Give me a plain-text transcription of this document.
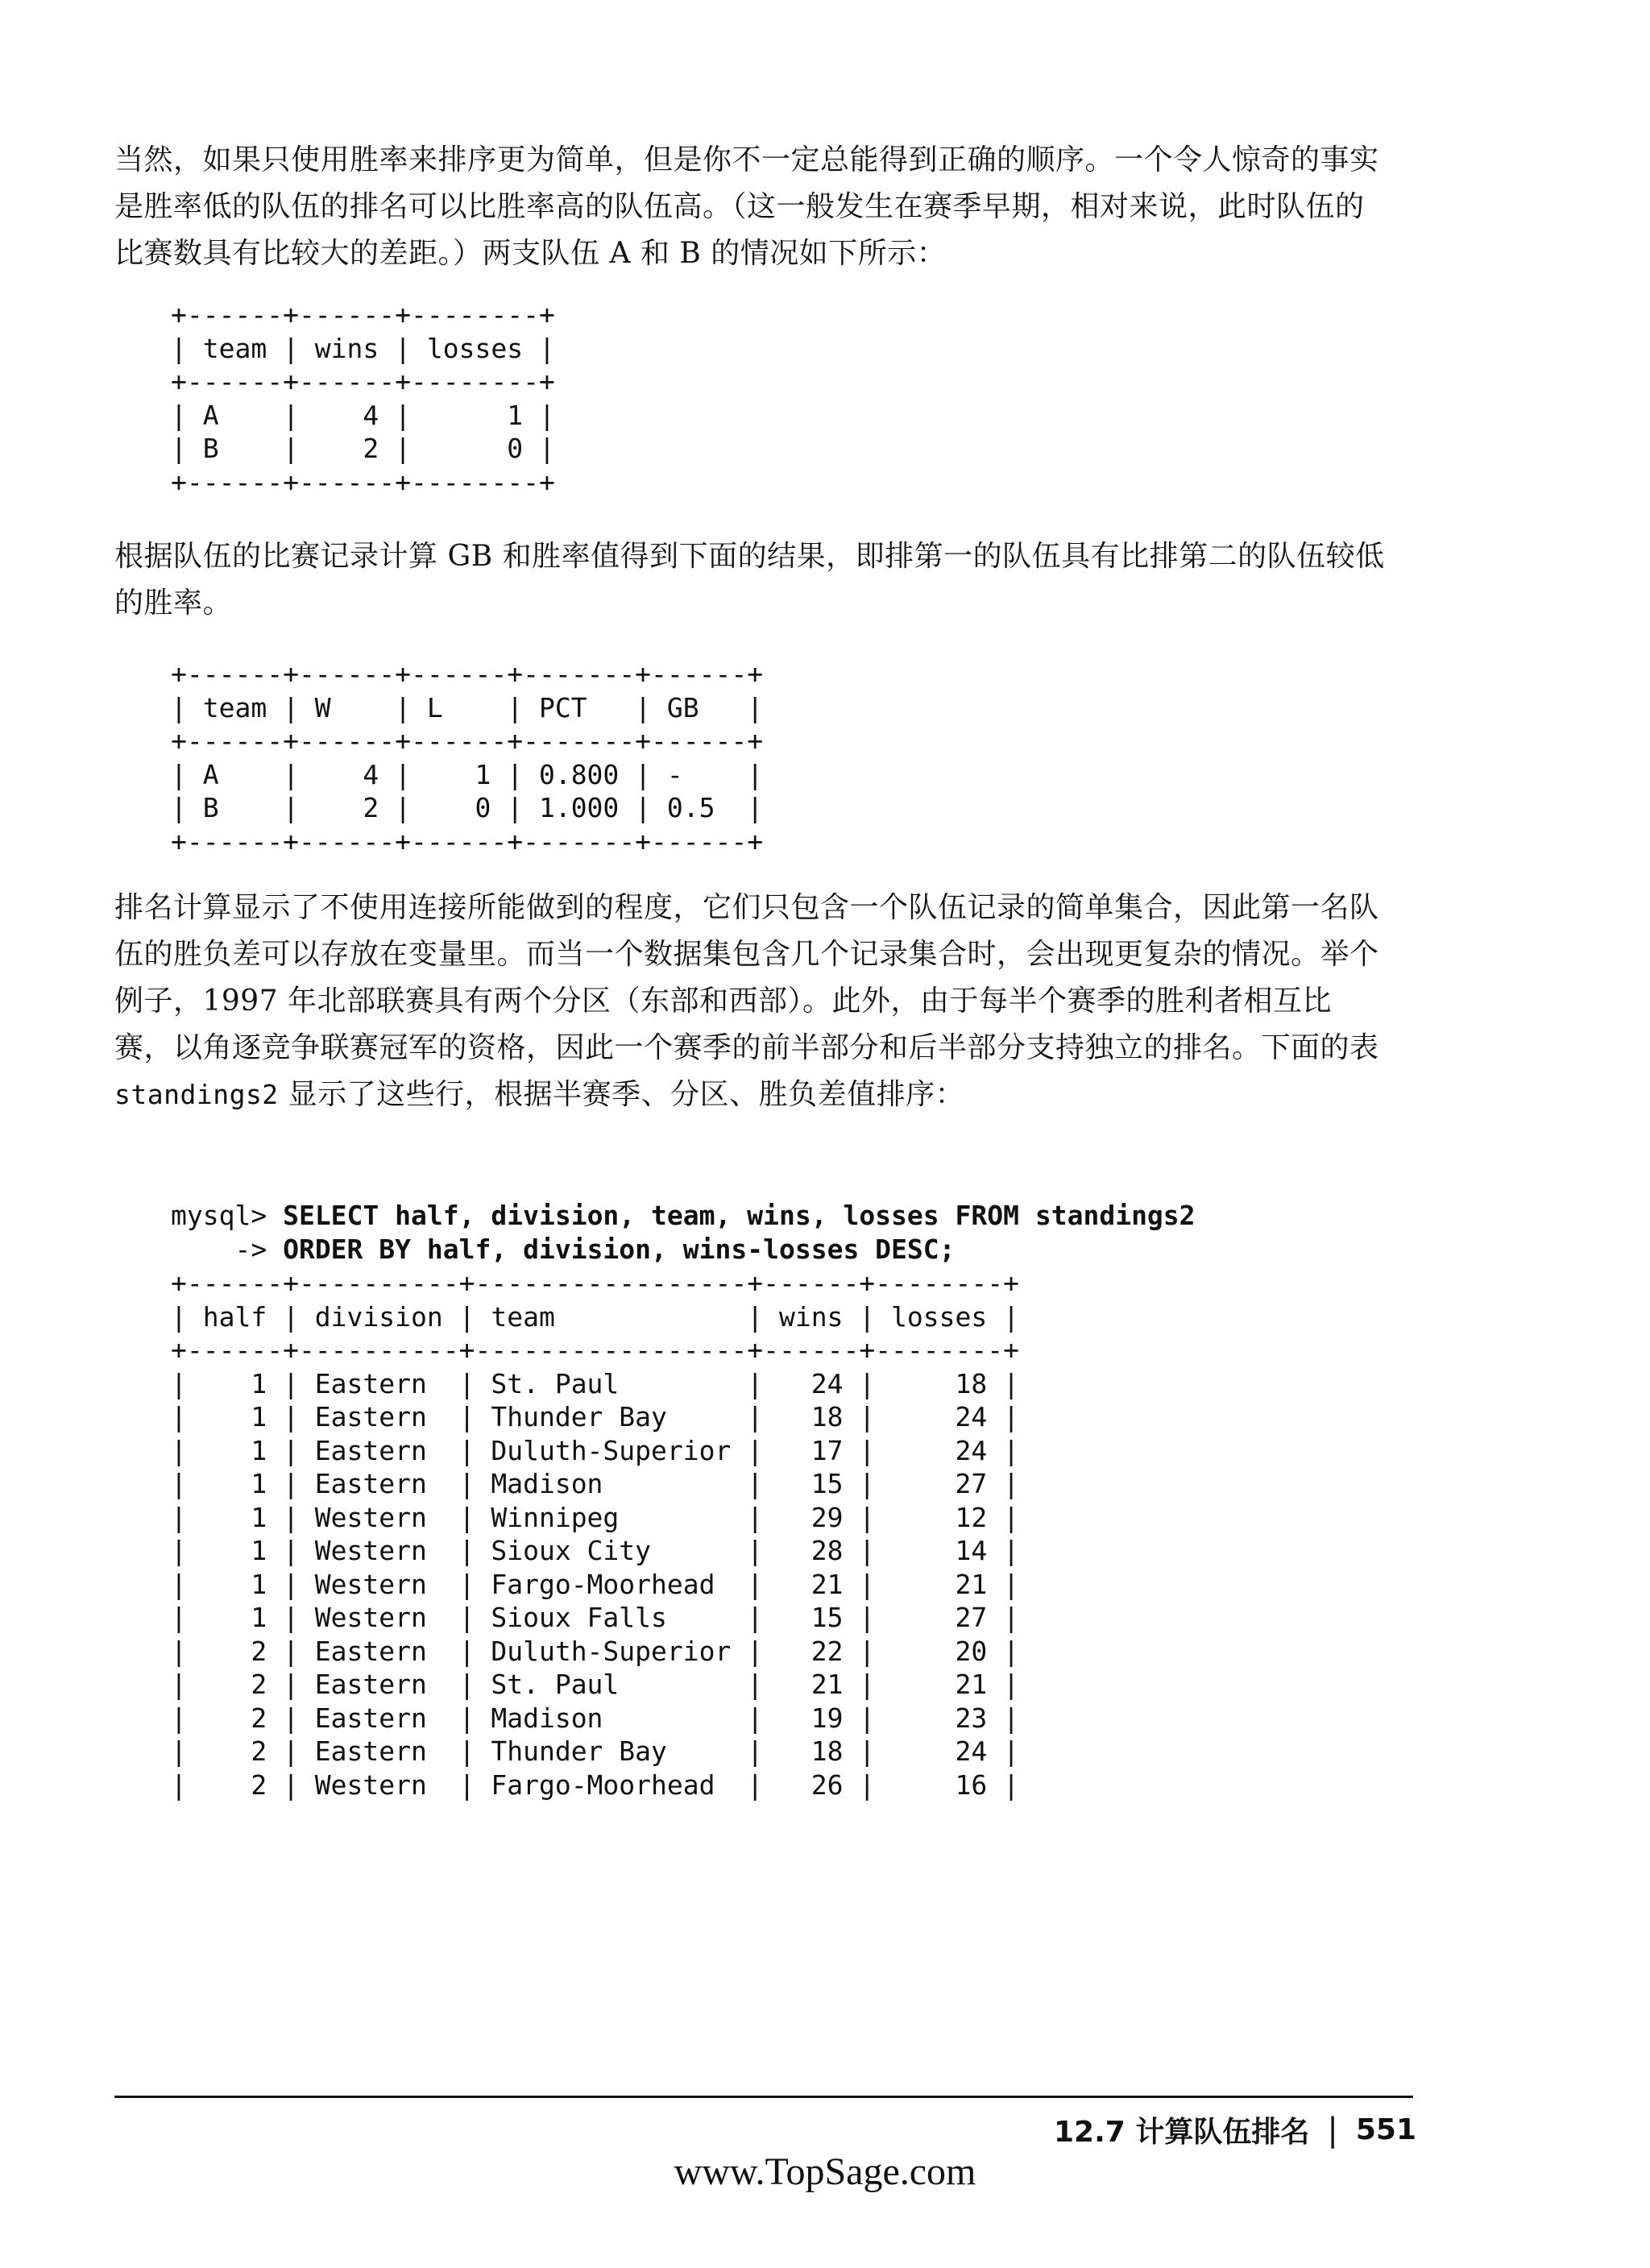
当然，如果只使用胜率来排序更为简单，但是你不一定总能得到正确的顺序。一个令人惊奇的事实是胜率低的队伍的排名可以比胜率高的队伍高。（这一般发生在赛季早期，相对来说，此时队伍的比赛数具有比较大的差距。）两支队伍 A 和 B 的情况如下所示：

+------+------+--------+
| team | wins | losses |
+------+------+--------+
| A    |    4 |      1 |
| B    |    2 |      0 |
+------+------+--------+

根据队伍的比赛记录计算 GB 和胜率值得到下面的结果，即排第一的队伍具有比排第二的队伍较低的胜率。

+------+------+------+-------+------+
| team | W    | L    | PCT   | GB   |
+------+------+------+-------+------+
| A    |    4 |    1 | 0.800 | -    |
| B    |    2 |    0 | 1.000 | 0.5  |
+------+------+------+-------+------+

排名计算显示了不使用连接所能做到的程度，它们只包含一个队伍记录的简单集合，因此第一名队伍的胜负差可以存放在变量里。而当一个数据集包含几个记录集合时，会出现更复杂的情况。举个例子，1997 年北部联赛具有两个分区（东部和西部）。此外，由于每半个赛季的胜利者相互比赛，以角逐竞争联赛冠军的资格，因此一个赛季的前半部分和后半部分支持独立的排名。下面的表 standings2 显示了这些行，根据半赛季、分区、胜负差值排序：

mysql> SELECT half, division, team, wins, losses FROM standings2
-> ORDER BY half, division, wins-losses DESC;
+------+----------+-----------------+------+--------+
| half | division | team            | wins | losses |
+------+----------+-----------------+------+--------+
|    1 | Eastern  | St. Paul        |   24 |     18 |
|    1 | Eastern  | Thunder Bay     |   18 |     24 |
|    1 | Eastern  | Duluth-Superior |   17 |     24 |
|    1 | Eastern  | Madison         |   15 |     27 |
|    1 | Western  | Winnipeg        |   29 |     12 |
|    1 | Western  | Sioux City      |   28 |     14 |
|    1 | Western  | Fargo-Moorhead  |   21 |     21 |
|    1 | Western  | Sioux Falls     |   15 |     27 |
|    2 | Eastern  | Duluth-Superior |   22 |     20 |
|    2 | Eastern  | St. Paul        |   21 |     21 |
|    2 | Eastern  | Madison         |   19 |     23 |
|    2 | Eastern  | Thunder Bay     |   18 |     24 |
|    2 | Western  | Fargo-Moorhead  |   26 |     16 |
12.7 计算队伍排名 | 551
www.TopSage.com
